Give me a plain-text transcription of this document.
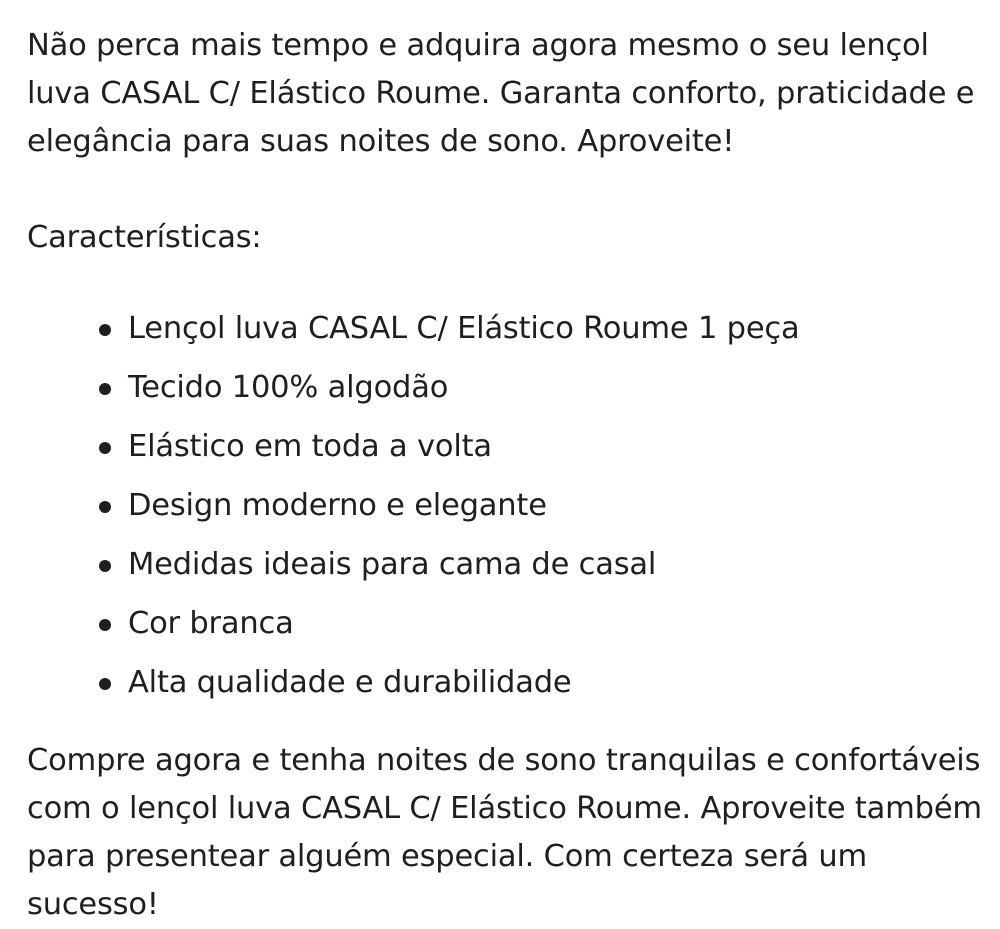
Não perca mais tempo e adquira agora mesmo o seu lençol luva CASAL C/ Elástico Roume. Garanta conforto, praticidade e elegância para suas noites de sono. Aproveite!

Características:

Lençol luva CASAL C/ Elástico Roume 1 peça
Tecido 100% algodão
Elástico em toda a volta
Design moderno e elegante
Medidas ideais para cama de casal
Cor branca
Alta qualidade e durabilidade

Compre agora e tenha noites de sono tranquilas e confortáveis com o lençol luva CASAL C/ Elástico Roume. Aproveite também para presentear alguém especial. Com certeza será um sucesso!
